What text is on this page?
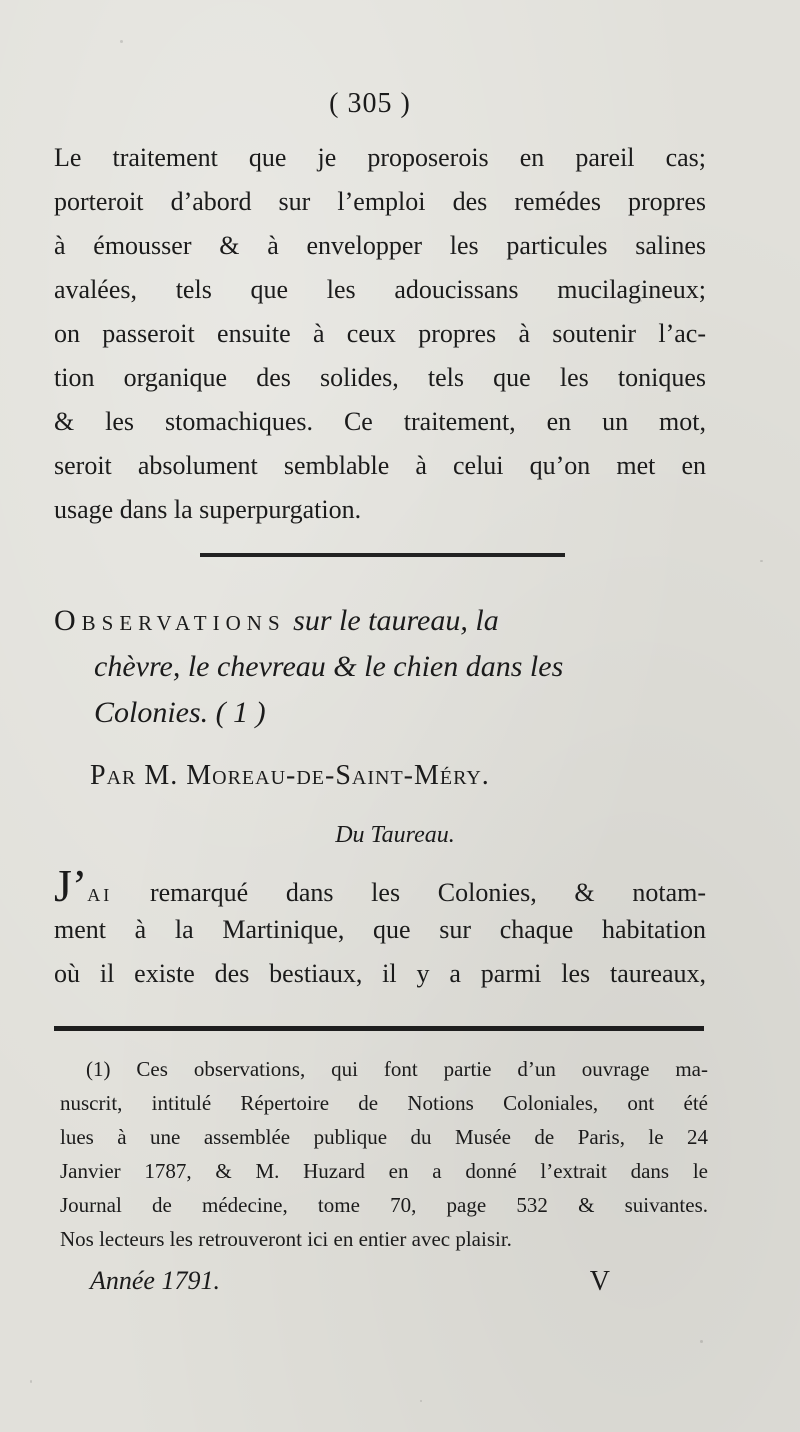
( 305 )
Le traitement que je proposerois en pareil cas;
porteroit d’abord sur l’emploi des remédes propres
à émousser & à envelopper les particules salines
avalées, tels que les adoucissans mucilagineux;
on passeroit ensuite à ceux propres à soutenir l’ac-
tion organique des solides, tels que les toniques
& les stomachiques. Ce traitement, en un mot,
seroit absolument semblable à celui qu’on met en
usage dans la superpurgation.
Observations sur le taureau, la
chèvre, le chevreau & le chien dans les
Colonies. ( 1 )
Par M. Moreau-de-Saint-Méry.
Du Taureau.
J’ai remarqué dans les Colonies, & notam-
ment à la Martinique, que sur chaque habitation
où il existe des bestiaux, il y a parmi les taureaux,
(1) Ces observations, qui font partie d’un ouvrage ma-
nuscrit, intitulé Répertoire de Notions Coloniales, ont été
lues à une assemblée publique du Musée de Paris, le 24
Janvier 1787, & M. Huzard en a donné l’extrait dans le
Journal de médecine, tome 70, page 532 & suivantes.
Nos lecteurs les retrouveront ici en entier avec plaisir.
Année 1791.	V
